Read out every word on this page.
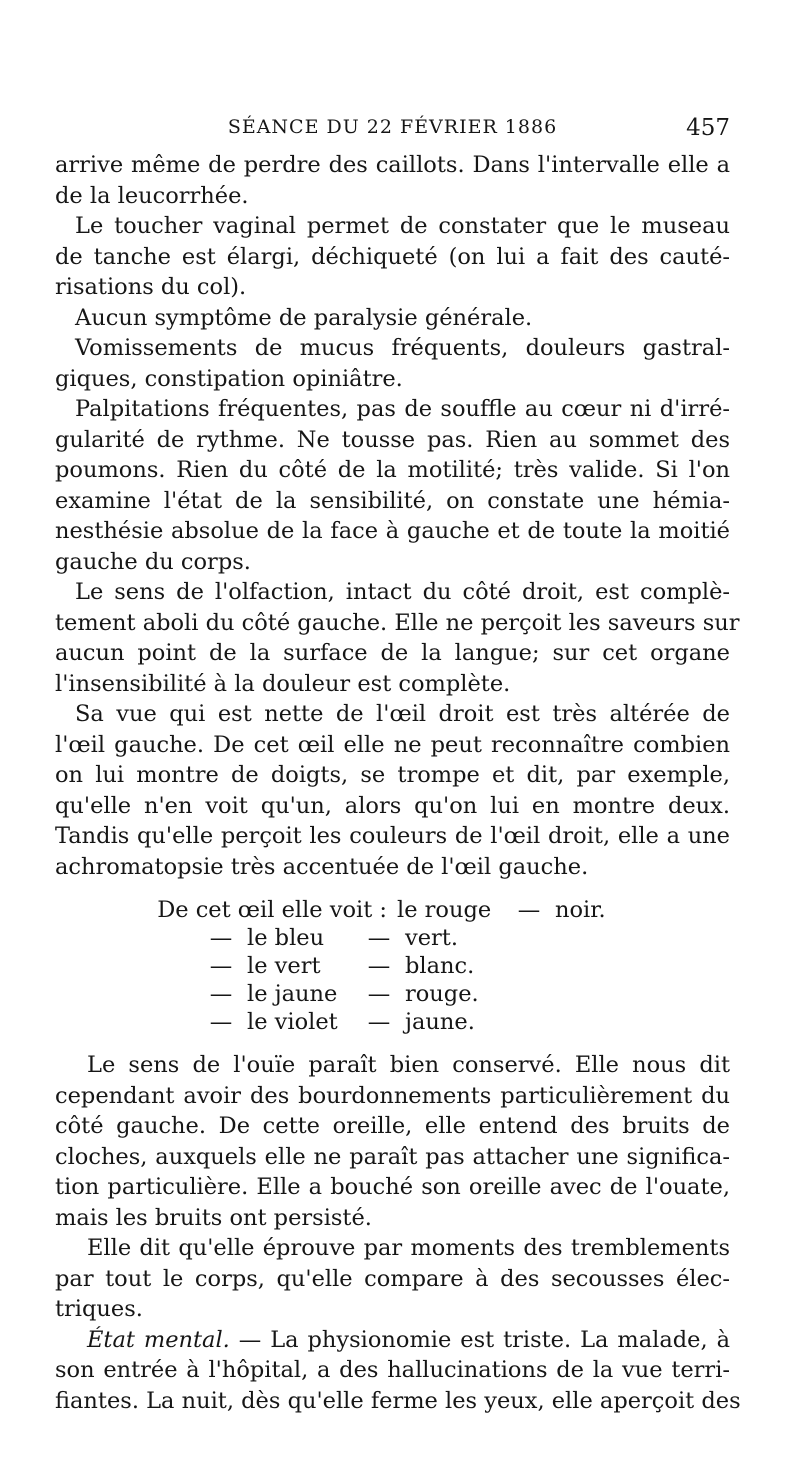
SÉANCE DU 22 FÉVRIER 1886	457
arrive même de perdre des caillots. Dans l'intervalle elle a
de la leucorrhée.
Le toucher vaginal permet de constater que le museau
de tanche est élargi, déchiqueté (on lui a fait des cauté-
risations du col).
Aucun symptôme de paralysie générale.
Vomissements de mucus fréquents, douleurs gastral-
giques, constipation opiniâtre.
Palpitations fréquentes, pas de souffle au cœur ni d'irré-
gularité de rythme. Ne tousse pas. Rien au sommet des
poumons. Rien du côté de la motilité; très valide. Si l'on
examine l'état de la sensibilité, on constate une hémia-
nesthésie absolue de la face à gauche et de toute la moitié
gauche du corps.
Le sens de l'olfaction, intact du côté droit, est complè-
tement aboli du côté gauche. Elle ne perçoit les saveurs sur
aucun point de la surface de la langue; sur cet organe
l'insensibilité à la douleur est complète.
Sa vue qui est nette de l'œil droit est très altérée de
l'œil gauche. De cet œil elle ne peut reconnaître combien
on lui montre de doigts, se trompe et dit, par exemple,
qu'elle n'en voit qu'un, alors qu'on lui en montre deux.
Tandis qu'elle perçoit les couleurs de l'œil droit, elle a une
achromatopsie très accentuée de l'œil gauche.
De cet œil elle voit : le rouge	— noir.
— le bleu	— vert.
— le vert	— blanc.
— le jaune	— rouge.
— le violet	— jaune.
Le sens de l'ouïe paraît bien conservé. Elle nous dit
cependant avoir des bourdonnements particulièrement du
côté gauche. De cette oreille, elle entend des bruits de
cloches, auxquels elle ne paraît pas attacher une significa-
tion particulière. Elle a bouché son oreille avec de l'ouate,
mais les bruits ont persisté.
Elle dit qu'elle éprouve par moments des tremblements
par tout le corps, qu'elle compare à des secousses élec-
triques.
État mental. — La physionomie est triste. La malade, à
son entrée à l'hôpital, a des hallucinations de la vue terri-
fiantes. La nuit, dès qu'elle ferme les yeux, elle aperçoit des
